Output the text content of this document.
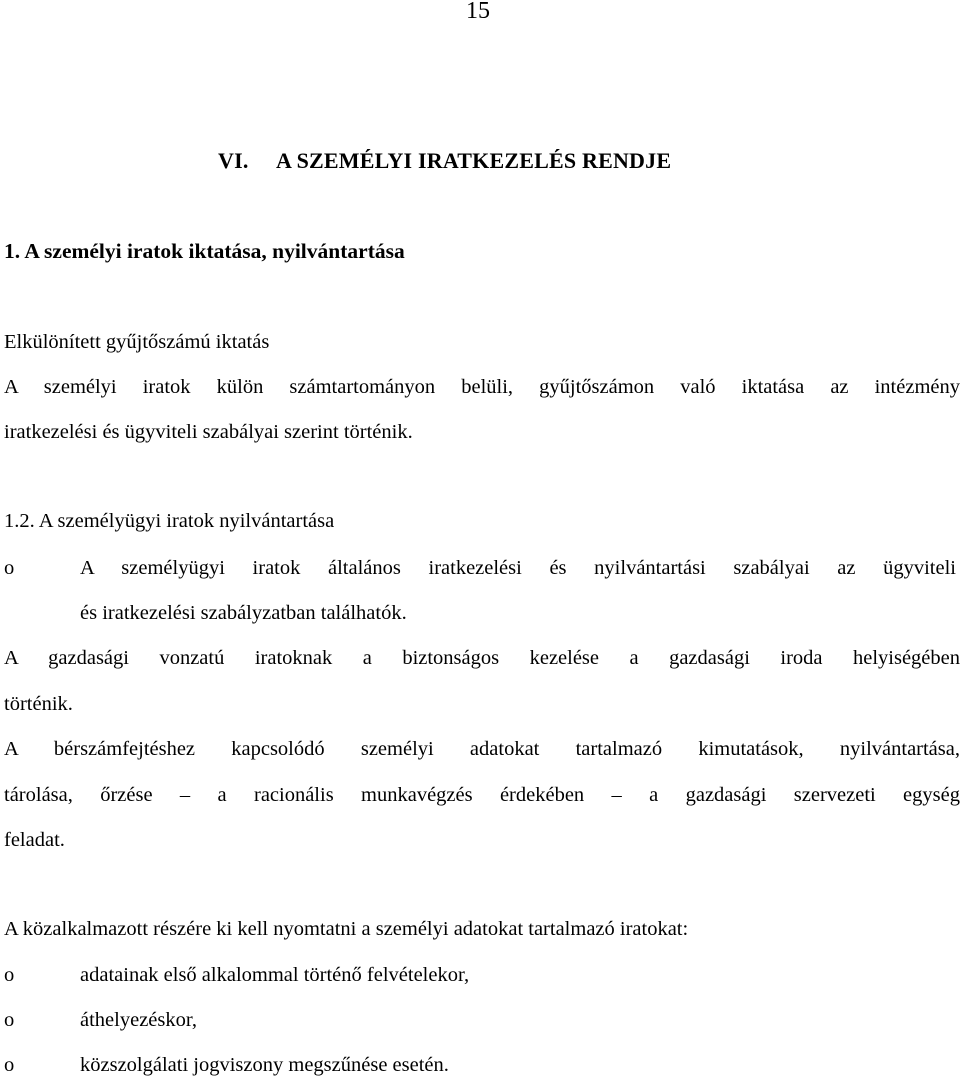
15
VI. A SZEMÉLYI IRATKEZELÉS RENDJE
1. A személyi iratok iktatása, nyilvántartása
Elkülönített gyűjtőszámú iktatás
A személyi iratok külön számtartományon belüli, gyűjtőszámon való iktatása az intézmény
iratkezelési és ügyviteli szabályai szerint történik.
1.2. A személyügyi iratok nyilvántartása
o	A személyügyi iratok általános iratkezelési és nyilvántartási szabályai az ügyviteli
és iratkezelési szabályzatban találhatók.
A gazdasági vonzatú iratoknak a biztonságos kezelése a gazdasági iroda helyiségében
történik.
A bérszámfejtéshez kapcsolódó személyi adatokat tartalmazó kimutatások, nyilvántartása,
tárolása, őrzése – a racionális munkavégzés érdekében – a gazdasági szervezeti egység
feladat.
A közalkalmazott részére ki kell nyomtatni a személyi adatokat tartalmazó iratokat:
o	adatainak első alkalommal történő felvételekor,
o	áthelyezéskor,
o	közszolgálati jogviszony megszűnése esetén.
